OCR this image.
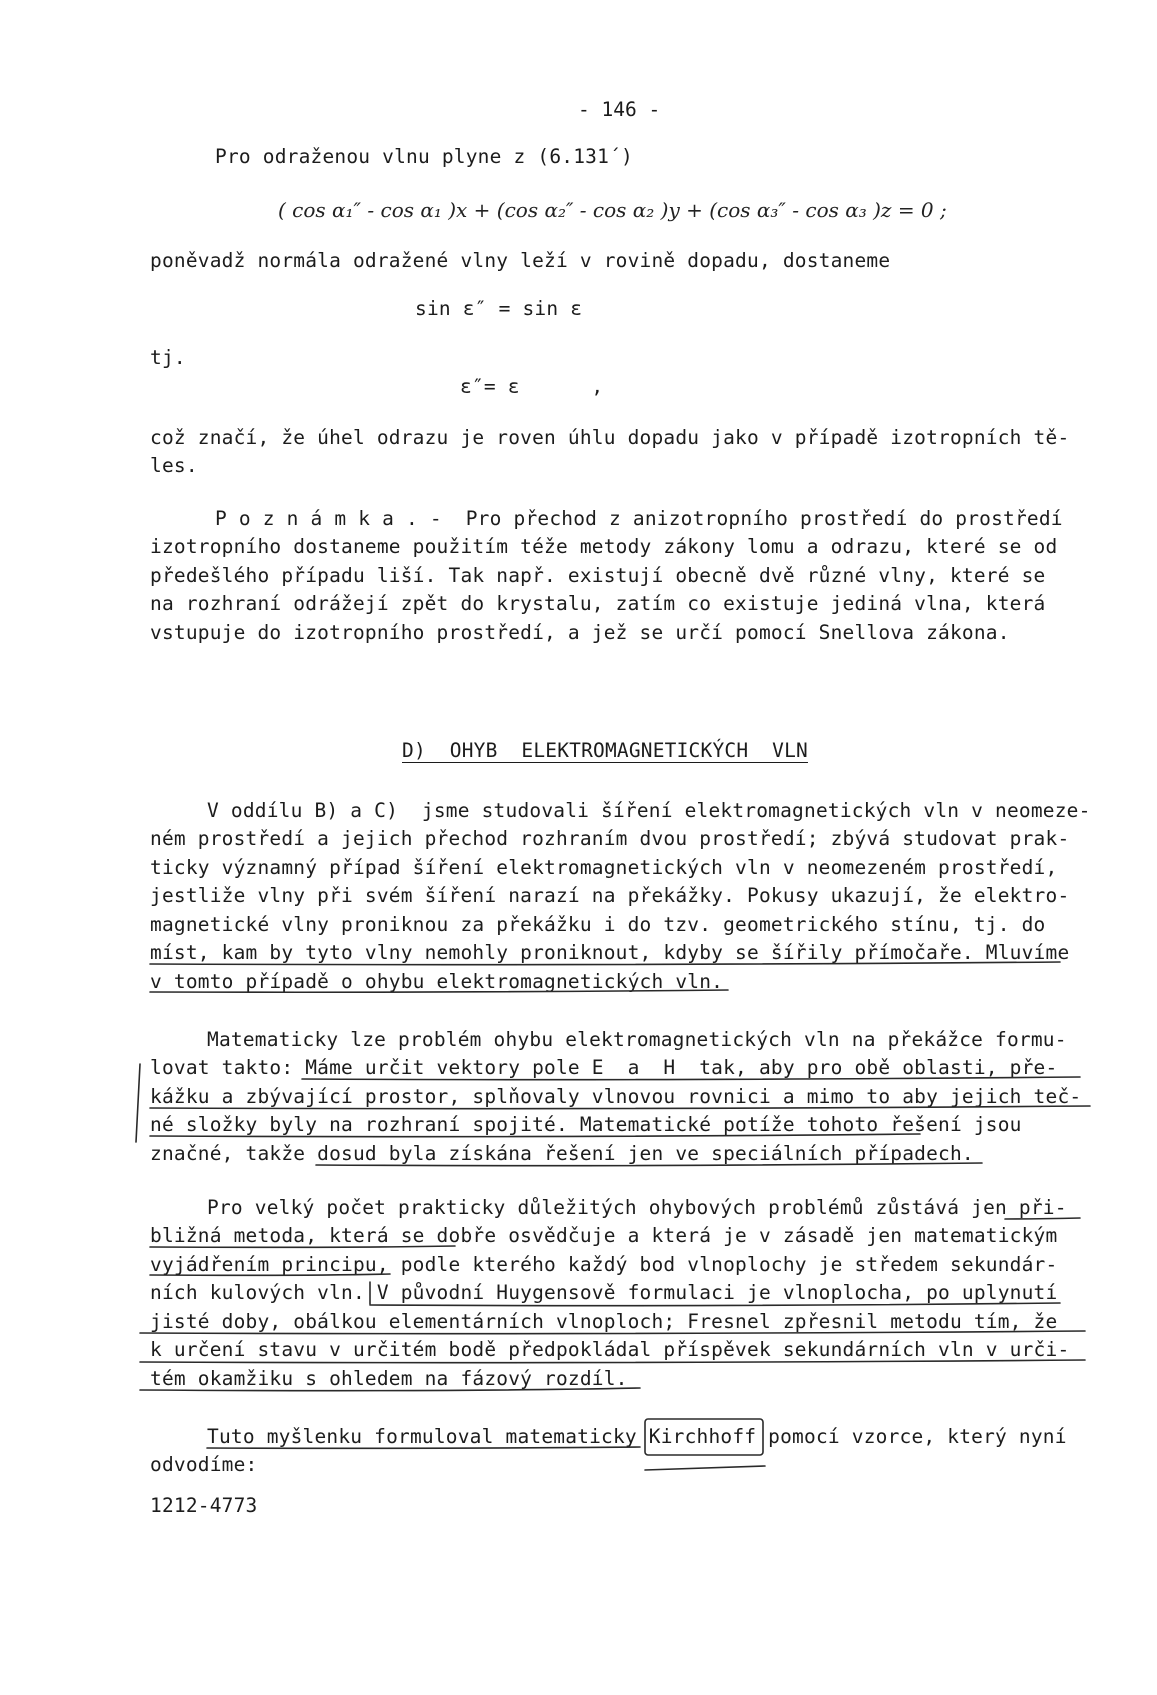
- 146 -
Pro odraženou vlnu plyne z (6.131´)
( cos α₁″ - cos α₁ )x + (cos α₂″ - cos α₂ )y + (cos α₃″ - cos α₃ )z = 0 ;
poněvadž normála odražené vlny leží v rovině dopadu, dostaneme
sin ε″ = sin ε
tj.
ε″= ε      ,
což značí, že úhel odrazu je roven úhlu dopadu jako v případě izotropních tě-
les.
P o z n á m k a . -  Pro přechod z anizotropního prostředí do prostředí
izotropního dostaneme použitím téže metody zákony lomu a odrazu, které se od
předešlého případu liší. Tak např. existují obecně dvě různé vlny, které se
na rozhraní odrážejí zpět do krystalu, zatím co existuje jediná vlna, která
vstupuje do izotropního prostředí, a jež se určí pomocí Snellova zákona.
D)  OHYB  ELEKTROMAGNETICKÝCH  VLN
V oddílu B) a C)  jsme studovali šíření elektromagnetických vln v neomeze-
ném prostředí a jejich přechod rozhraním dvou prostředí; zbývá studovat prak-
ticky významný případ šíření elektromagnetických vln v neomezeném prostředí,
jestliže vlny při svém šíření narazí na překážky. Pokusy ukazují, že elektro-
magnetické vlny proniknou za překážku i do tzv. geometrického stínu, tj. do
míst, kam by tyto vlny nemohly proniknout, kdyby se šířily přímočaře. Mluvíme
v tomto případě o ohybu elektromagnetických vln.
Matematicky lze problém ohybu elektromagnetických vln na překážce formu-
lovat takto: Máme určit vektory pole E  a  H  tak, aby pro obě oblasti, pře-
kážku a zbývající prostor, splňovaly vlnovou rovnici a mimo to aby jejich teč-
né složky byly na rozhraní spojité. Matematické potíže tohoto řešení jsou
značné, takže dosud byla získána řešení jen ve speciálních případech.
Pro velký počet prakticky důležitých ohybových problémů zůstává jen při-
bližná metoda, která se dobře osvědčuje a která je v zásadě jen matematickým
vyjádřením principu, podle kterého každý bod vlnoplochy je středem sekundár-
ních kulových vln. V původní Huygensově formulaci je vlnoplocha, po uplynutí
jisté doby, obálkou elementárních vlnoploch; Fresnel zpřesnil metodu tím, že
k určení stavu v určitém bodě předpokládal příspěvek sekundárních vln v urči-
tém okamžiku s ohledem na fázový rozdíl.
Tuto myšlenku formuloval matematicky Kirchhoff pomocí vzorce, který nyní
odvodíme:
1212-4773
